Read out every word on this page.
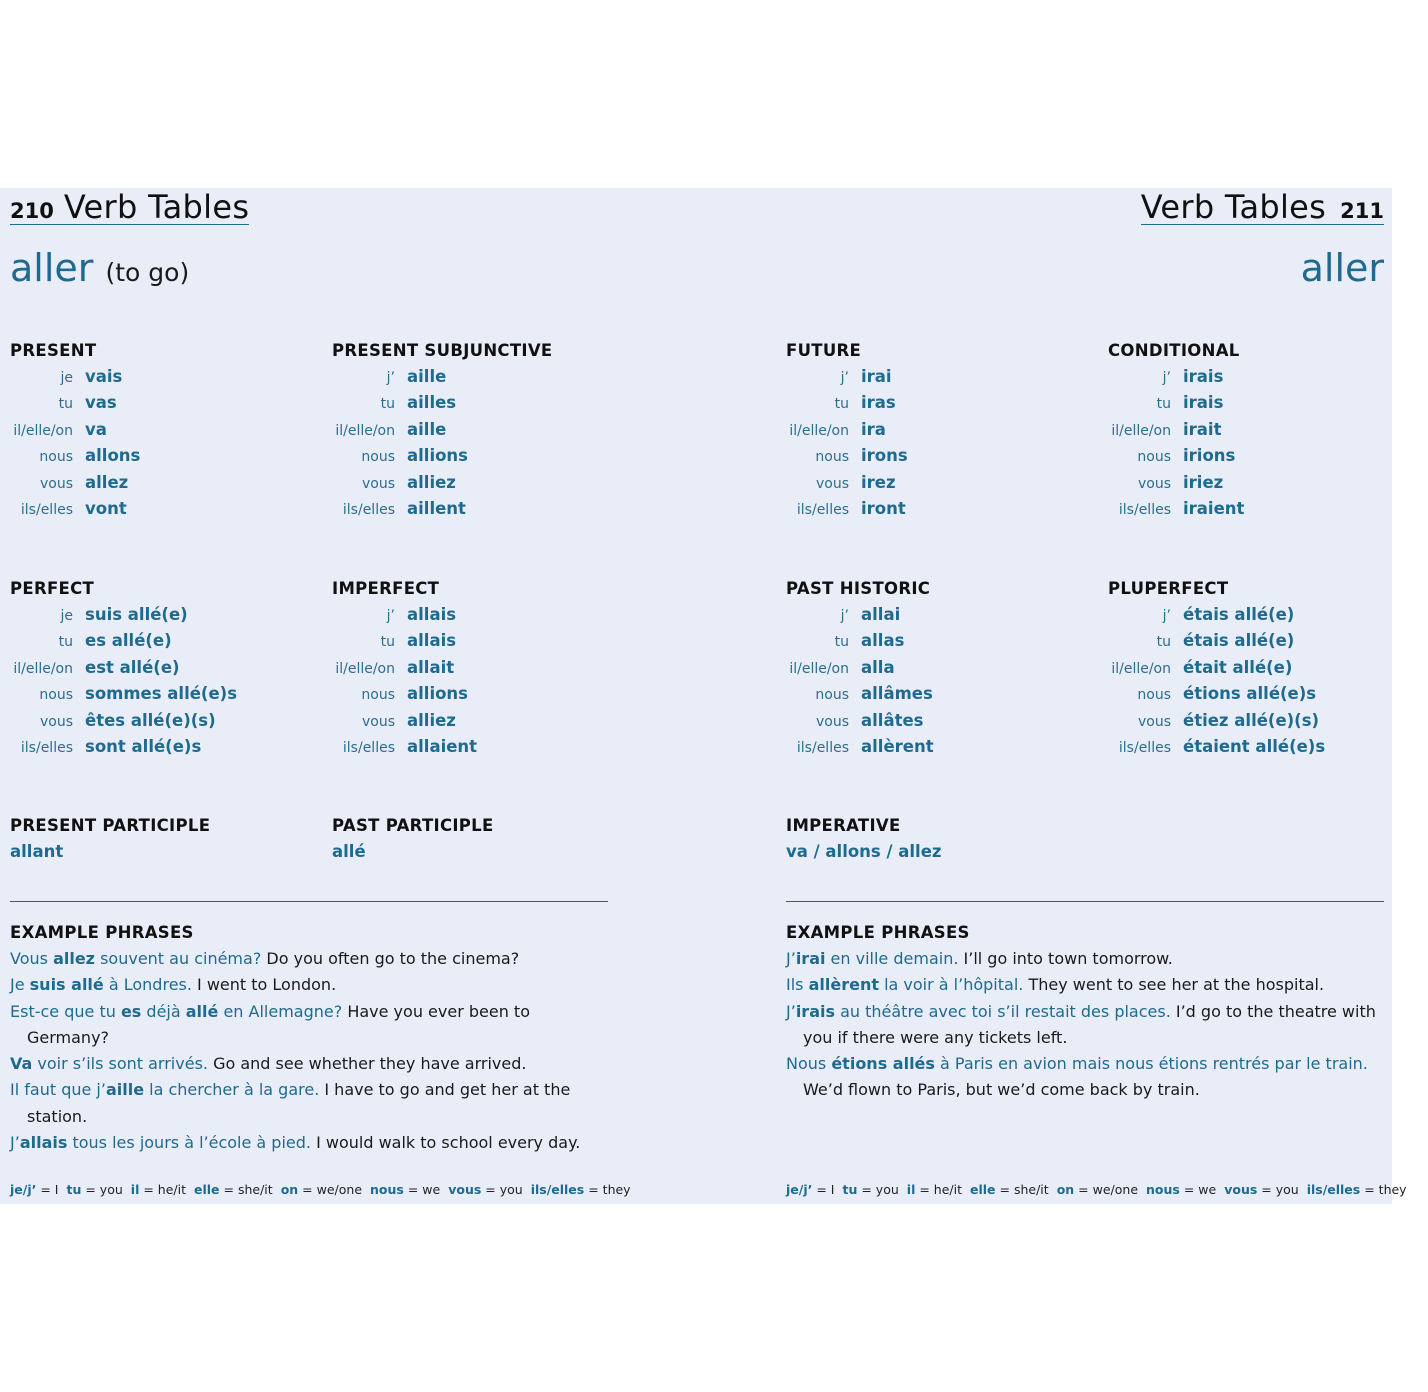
210 Verb Tables
aller (to go)
PRESENT
je vais
tu vas
il/elle/on va
nous allons
vous allez
ils/elles vont
PRESENT SUBJUNCTIVE
j’ aille
tu ailles
il/elle/on aille
nous allions
vous alliez
ils/elles aillent
PERFECT
je suis allé(e)
tu es allé(e)
il/elle/on est allé(e)
nous sommes allé(e)s
vous êtes allé(e)(s)
ils/elles sont allé(e)s
IMPERFECT
j’ allais
tu allais
il/elle/on allait
nous allions
vous alliez
ils/elles allaient
PRESENT PARTICIPLE
allant
PAST PARTICIPLE
allé
EXAMPLE PHRASES
Vous allez souvent au cinéma? Do you often go to the cinema?
Je suis allé à Londres. I went to London.
Est-ce que tu es déjà allé en Allemagne? Have you ever been to Germany?
Va voir s’ils sont arrivés. Go and see whether they have arrived.
Il faut que j’aille la chercher à la gare. I have to go and get her at the station.
J’allais tous les jours à l’école à pied. I would walk to school every day.
je/j’ = I tu = you il = he/it elle = she/it on = we/one nous = we vous = you ils/elles = they
Verb Tables 211
aller
FUTURE
j’ irai
tu iras
il/elle/on ira
nous irons
vous irez
ils/elles iront
CONDITIONAL
j’ irais
tu irais
il/elle/on irait
nous irions
vous iriez
ils/elles iraient
PAST HISTORIC
j’ allai
tu allas
il/elle/on alla
nous allâmes
vous allâtes
ils/elles allèrent
PLUPERFECT
j’ étais allé(e)
tu étais allé(e)
il/elle/on était allé(e)
nous étions allé(e)s
vous étiez allé(e)(s)
ils/elles étaient allé(e)s
IMPERATIVE
va / allons / allez
EXAMPLE PHRASES
J’irai en ville demain. I’ll go into town tomorrow.
Ils allèrent la voir à l’hôpital. They went to see her at the hospital.
J’irais au théâtre avec toi s’il restait des places. I’d go to the theatre with you if there were any tickets left.
Nous étions allés à Paris en avion mais nous étions rentrés par le train. We’d flown to Paris, but we’d come back by train.
je/j’ = I tu = you il = he/it elle = she/it on = we/one nous = we vous = you ils/elles = they
